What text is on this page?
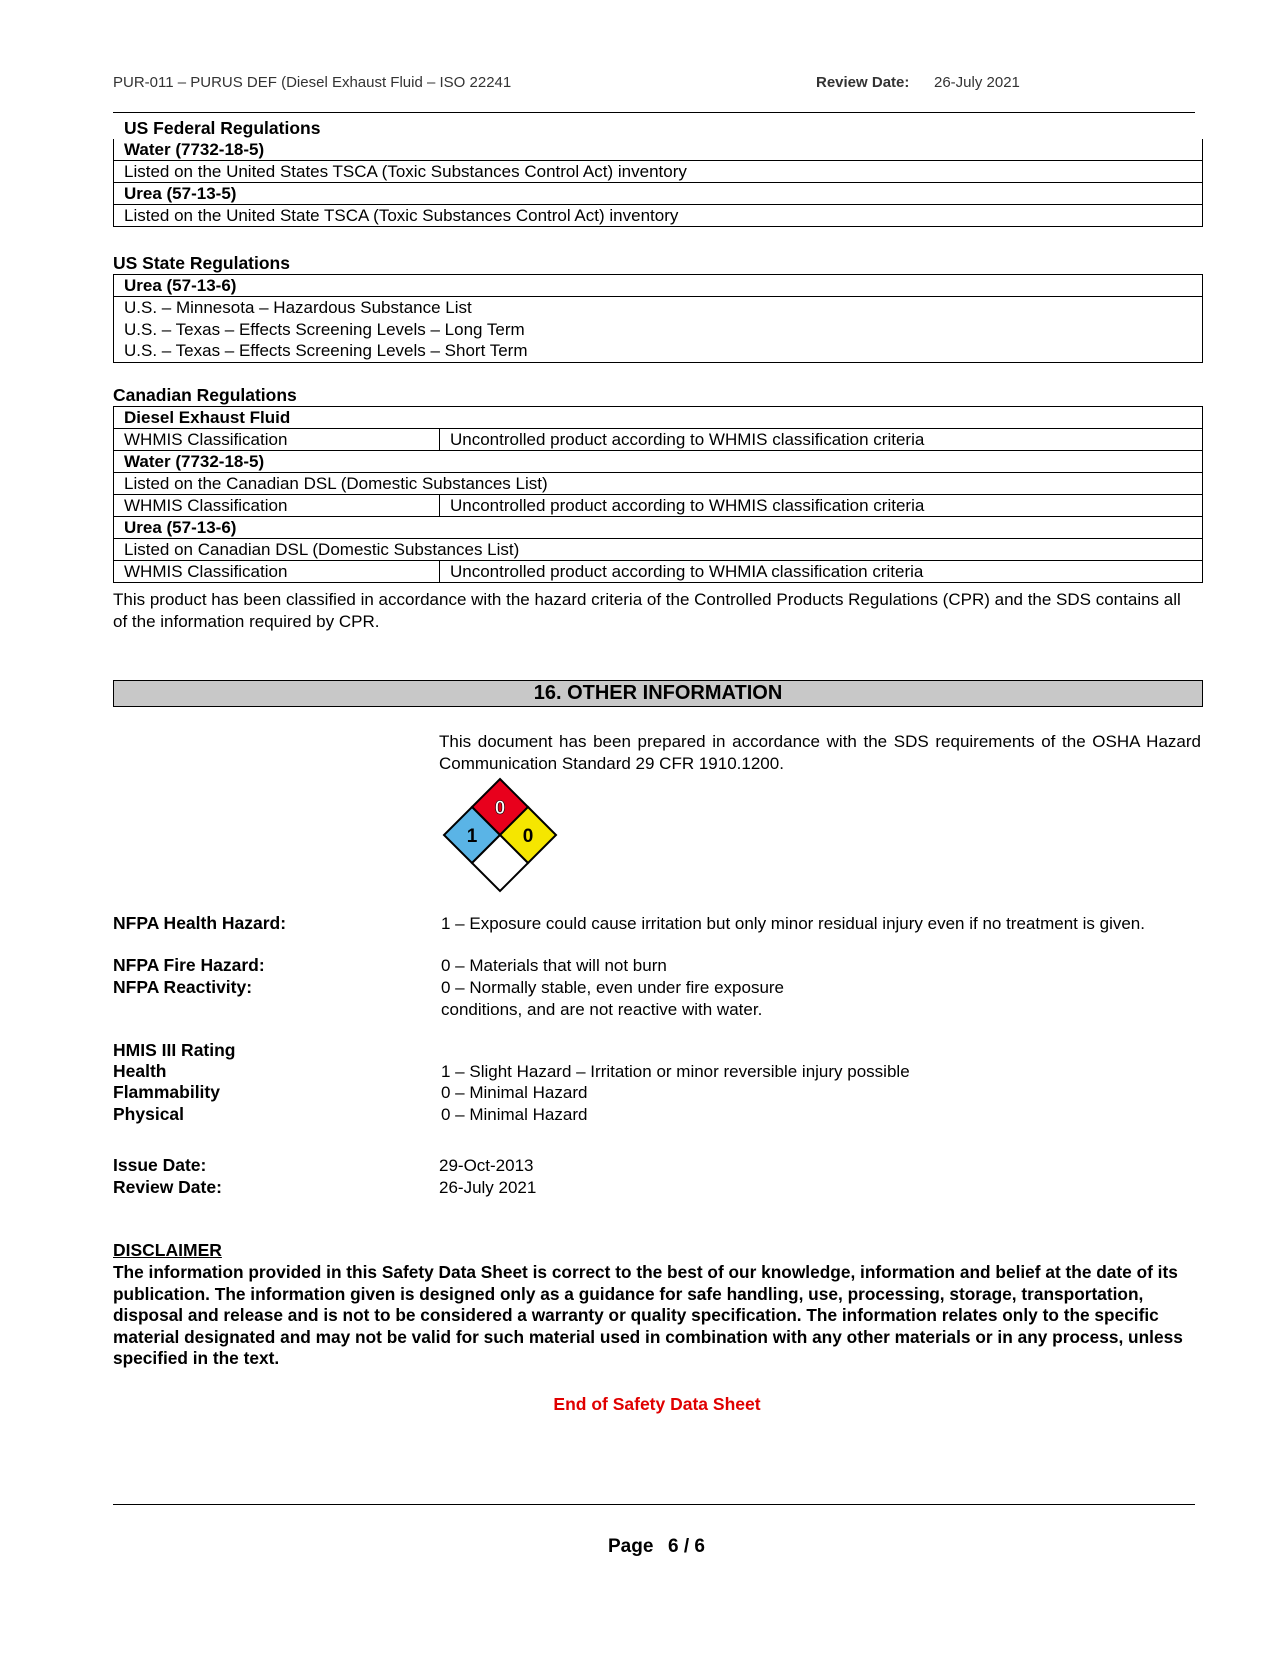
PUR-011 – PURUS DEF (Diesel Exhaust Fluid – ISO 22241	Review Date: 26-July 2021
US Federal Regulations
Water (7732-18-5)
Listed on the United States TSCA (Toxic Substances Control Act) inventory
Urea (57-13-5)
Listed on the United State TSCA (Toxic Substances Control Act) inventory
US State Regulations
Urea (57-13-6)

U.S. – Minnesota – Hazardous Substance List
U.S. – Texas – Effects Screening Levels – Long Term
U.S. – Texas – Effects Screening Levels – Short Term
Canadian Regulations
Diesel Exhaust Fluid	
WHMIS Classification	Uncontrolled product according to WHMIS classification criteria
Water (7732-18-5)	
Listed on the Canadian DSL (Domestic Substances List)	
WHMIS Classification	Uncontrolled product according to WHMIS classification criteria
Urea (57-13-6)	
Listed on Canadian DSL (Domestic Substances List)	
WHMIS Classification	Uncontrolled product according to WHMIA classification criteria
This product has been classified in accordance with the hazard criteria of the Controlled Products Regulations (CPR) and the SDS contains all of the information required by CPR.
16. OTHER INFORMATION
This document has been prepared in accordance with the SDS requirements of the OSHA Hazard Communication Standard 29 CFR 1910.1200.
0
1 0
NFPA Health Hazard:	1 – Exposure could cause irritation but only minor residual injury even if no treatment is given.
NFPA Fire Hazard:	0 – Materials that will not burn
NFPA Reactivity:	0 – Normally stable, even under fire exposure conditions, and are not reactive with water.
HMIS III Rating
Health	1 – Slight Hazard – Irritation or minor reversible injury possible
Flammability	0 – Minimal Hazard
Physical	0 – Minimal Hazard
Issue Date:	29-Oct-2013
Review Date:	26-July 2021
DISCLAIMER
The information provided in this Safety Data Sheet is correct to the best of our knowledge, information and belief at the date of its publication. The information given is designed only as a guidance for safe handling, use, processing, storage, transportation, disposal and release and is not to be considered a warranty or quality specification. The information relates only to the specific material designated and may not be valid for such material used in combination with any other materials or in any process, unless specified in the text.
End of Safety Data Sheet
Page 6 / 6
